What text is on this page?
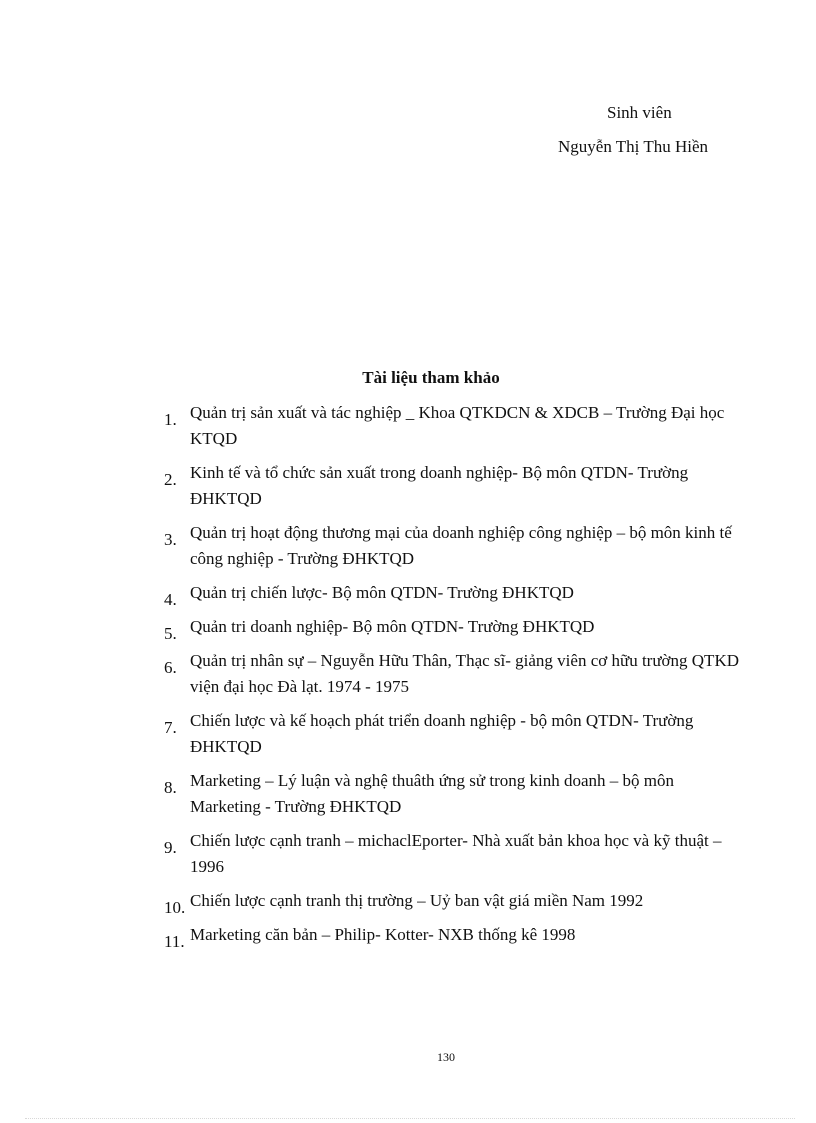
Sinh viên
Nguyễn Thị Thu Hiền
Tài liệu tham khảo
1. Quản trị sản xuất và tác nghiệp _ Khoa QTKDCN & XDCB – Trường Đại học KTQD
2. Kinh tế và tổ chức sản xuất trong doanh nghiệp- Bộ môn QTDN- Trường ĐHKTQD
3. Quản trị hoạt động thương mại của doanh nghiệp công nghiệp – bộ môn kinh tế công nghiệp - Trường ĐHKTQD
4. Quản trị chiến lược- Bộ môn QTDN- Trường ĐHKTQD
5. Quản tri doanh nghiệp- Bộ môn QTDN- Trường ĐHKTQD
6. Quản trị nhân sự – Nguyễn Hữu Thân, Thạc sĩ- giảng viên cơ hữu trường QTKD viện đại học Đà lạt. 1974 - 1975
7. Chiến lược và kế hoạch phát triển doanh nghiệp - bộ môn QTDN- Trường ĐHKTQD
8. Marketing – Lý luận và nghệ thuâth ứng sử trong kinh doanh – bộ môn Marketing - Trường ĐHKTQD
9. Chiến lược cạnh tranh – michaclEporter- Nhà xuất bản khoa học và kỹ thuật – 1996
10. Chiến lược cạnh tranh thị trường – Uỷ ban vật giá miền Nam 1992
11. Marketing căn bản – Philip- Kotter- NXB thống kê 1998
130
